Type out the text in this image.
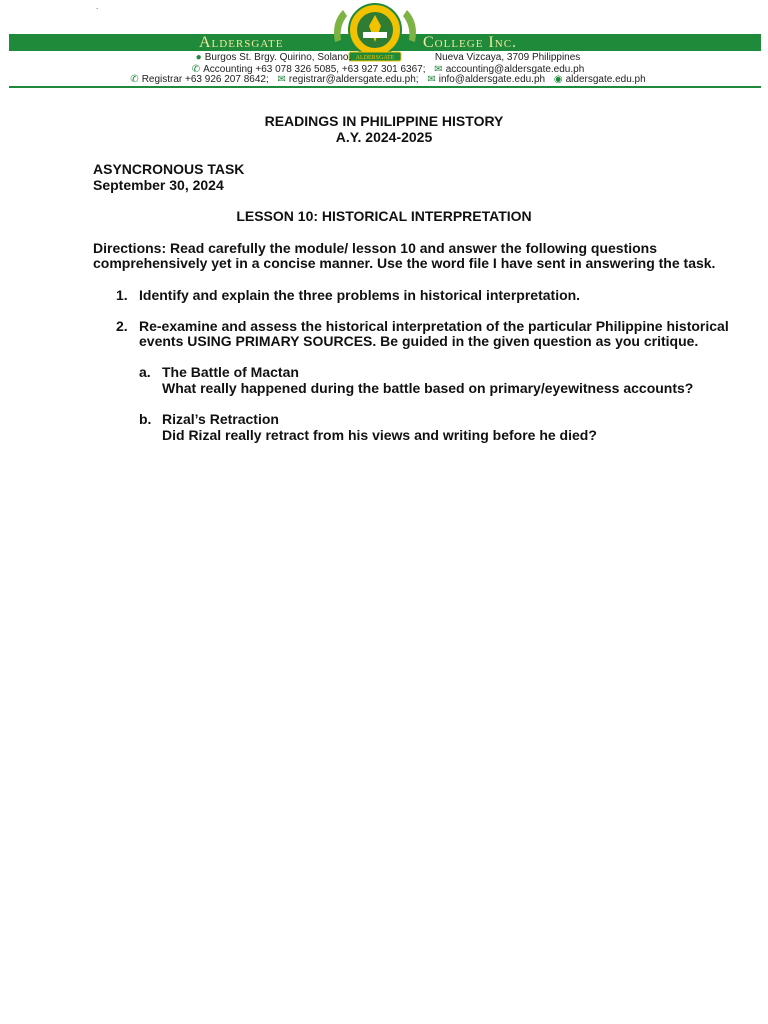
.
Aldersgate	College Inc.
ALDERSGATE
● Burgos St. Brgy. Quirino, Solano,	Nueva Vizcaya, 3709 Philippines
✆ Accounting +63 078 326 5085, +63 927 301 6367; ✉ accounting@aldersgate.edu.ph
✆ Registrar +63 926 207 8642; ✉ registrar@aldersgate.edu.ph; ✉ info@aldersgate.edu.ph ◉ aldersgate.edu.ph
READINGS IN PHILIPPINE HISTORY
A.Y. 2024-2025
ASYNCRONOUS TASK
September 30, 2024
LESSON 10: HISTORICAL INTERPRETATION
Directions: Read carefully the module/ lesson 10 and answer the following questions
comprehensively yet in a concise manner. Use the word file I have sent in answering the task.
1. Identify and explain the three problems in historical interpretation.
2. Re-examine and assess the historical interpretation of the particular Philippine historical
events USING PRIMARY SOURCES. Be guided in the given question as you critique.
a. The Battle of Mactan
What really happened during the battle based on primary/eyewitness accounts?
b. Rizal’s Retraction
Did Rizal really retract from his views and writing before he died?
